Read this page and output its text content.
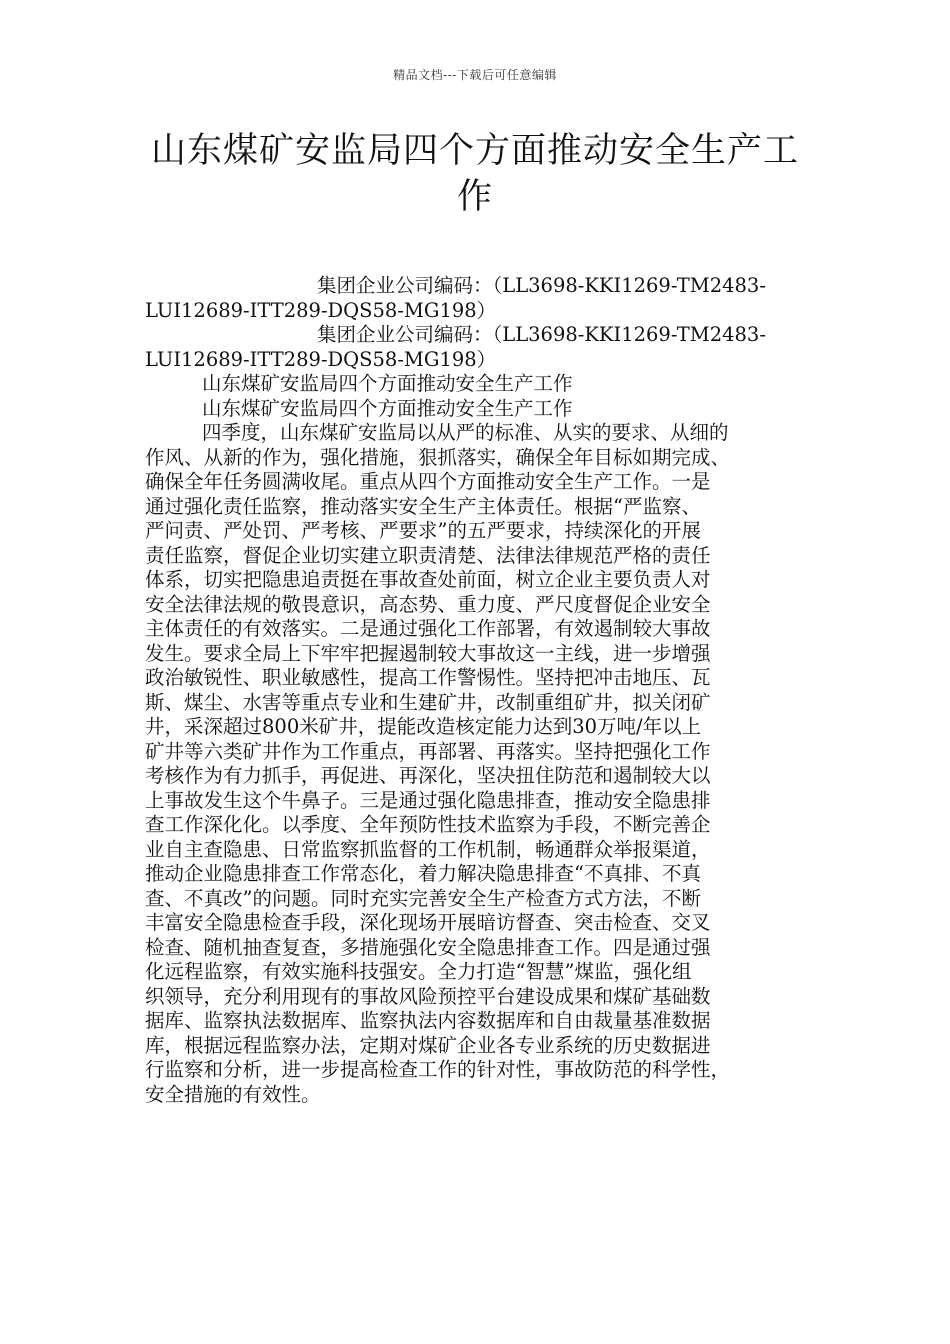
精品文档---下载后可任意编辑
山东煤矿安监局四个方面推动安全生产工
作
集团企业公司编码：（LL3698-KKI1269-TM2483-
LUI12689-ITT289-DQS58-MG198）
集团企业公司编码：（LL3698-KKI1269-TM2483-
LUI12689-ITT289-DQS58-MG198）
山东煤矿安监局四个方面推动安全生产工作
山东煤矿安监局四个方面推动安全生产工作
四季度，山东煤矿安监局以从严的标准、从实的要求、从细的
作风、从新的作为，强化措施，狠抓落实，确保全年目标如期完成、
确保全年任务圆满收尾。重点从四个方面推动安全生产工作。一是
通过强化责任监察，推动落实安全生产主体责任。根据“严监察、
严问责、严处罚、严考核、严要求”的五严要求，持续深化的开展
责任监察，督促企业切实建立职责清楚、法律法律规范严格的责任
体系，切实把隐患追责挺在事故查处前面，树立企业主要负责人对
安全法律法规的敬畏意识，高态势、重力度、严尺度督促企业安全
主体责任的有效落实。二是通过强化工作部署，有效遏制较大事故
发生。要求全局上下牢牢把握遏制较大事故这一主线，进一步增强
政治敏锐性、职业敏感性，提高工作警惕性。坚持把冲击地压、瓦
斯、煤尘、水害等重点专业和生建矿井，改制重组矿井，拟关闭矿
井，采深超过800米矿井，提能改造核定能力达到30万吨/年以上
矿井等六类矿井作为工作重点，再部署、再落实。坚持把强化工作
考核作为有力抓手，再促进、再深化，坚决扭住防范和遏制较大以
上事故发生这个牛鼻子。三是通过强化隐患排查，推动安全隐患排
查工作深化化。以季度、全年预防性技术监察为手段，不断完善企
业自主查隐患、日常监察抓监督的工作机制，畅通群众举报渠道，
推动企业隐患排查工作常态化，着力解决隐患排查“不真排、不真
查、不真改”的问题。同时充实完善安全生产检查方式方法，不断
丰富安全隐患检查手段，深化现场开展暗访督查、突击检查、交叉
检查、随机抽查复查，多措施强化安全隐患排查工作。四是通过强
化远程监察，有效实施科技强安。全力打造“智慧”煤监，强化组
织领导，充分利用现有的事故风险预控平台建设成果和煤矿基础数
据库、监察执法数据库、监察执法内容数据库和自由裁量基准数据
库，根据远程监察办法，定期对煤矿企业各专业系统的历史数据进
行监察和分析，进一步提高检查工作的针对性，事故防范的科学性，
安全措施的有效性。
